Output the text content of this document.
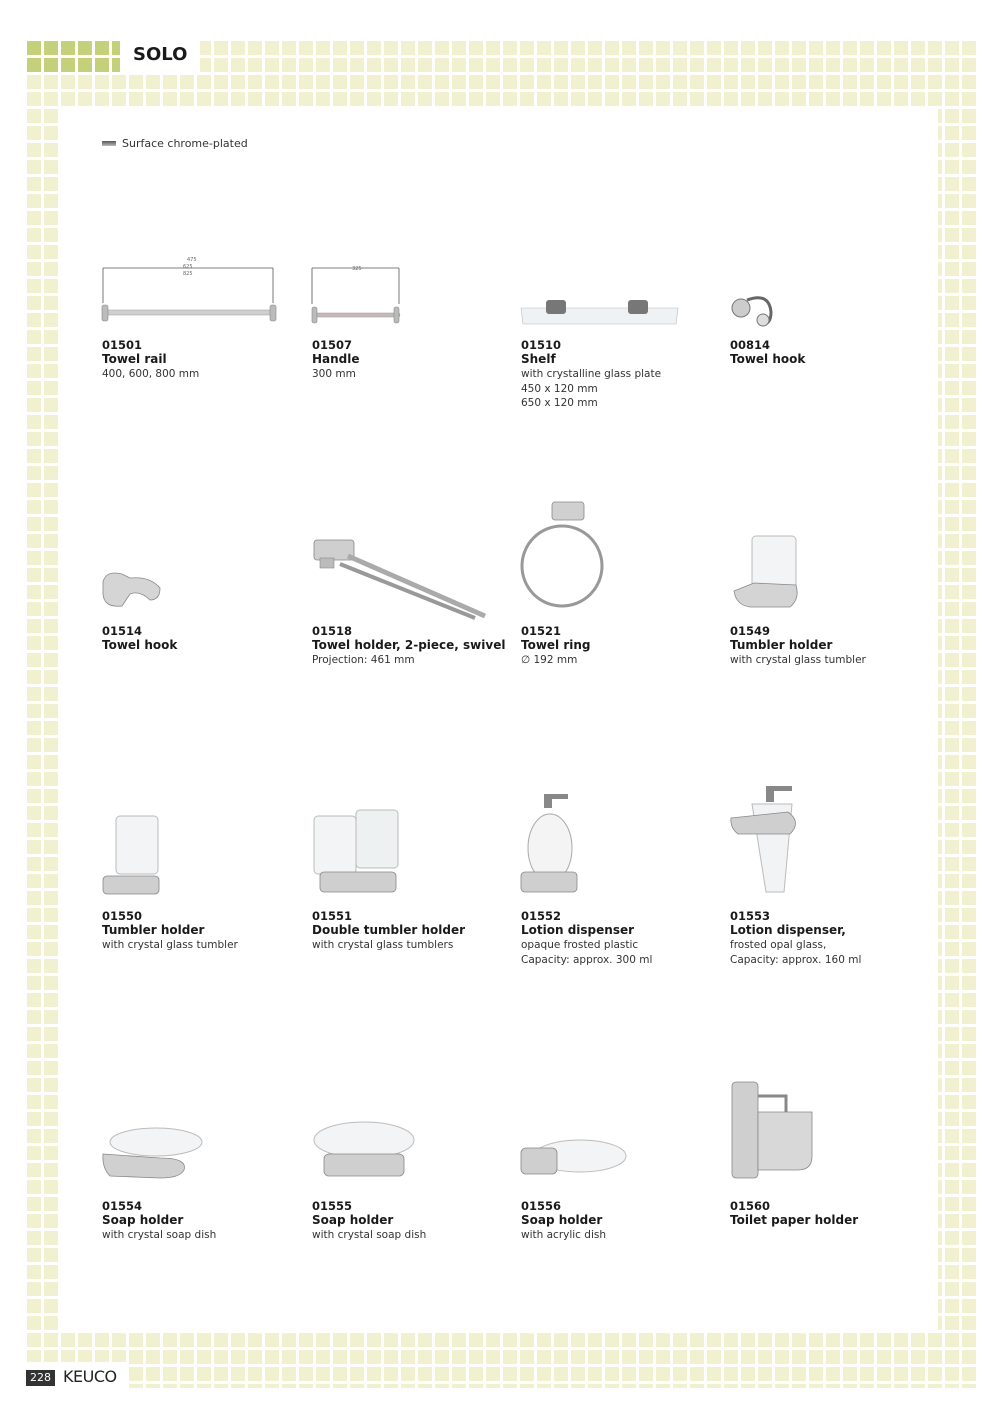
SOLO
Surface chrome-plated
475
625
825
325
01501
Towel rail
400, 600, 800 mm
01507
Handle
300 mm
01510
Shelf
with crystalline glass plate
450 x 120 mm
650 x 120 mm
00814
Towel hook
01514
Towel hook
01518
Towel holder, 2-piece, swivel
Projection: 461 mm
01521
Towel ring
∅ 192 mm
01549
Tumbler holder
with crystal glass tumbler
01550
Tumbler holder
with crystal glass tumbler
01551
Double tumbler holder
with crystal glass tumblers
01552
Lotion dispenser
opaque frosted plastic
Capacity: approx. 300 ml
01553
Lotion dispenser,
frosted opal glass,
Capacity: approx. 160 ml
01554
Soap holder
with crystal soap dish
01555
Soap holder
with crystal soap dish
01556
Soap holder
with acrylic dish
01560
Toilet paper holder
228 KEUCO
